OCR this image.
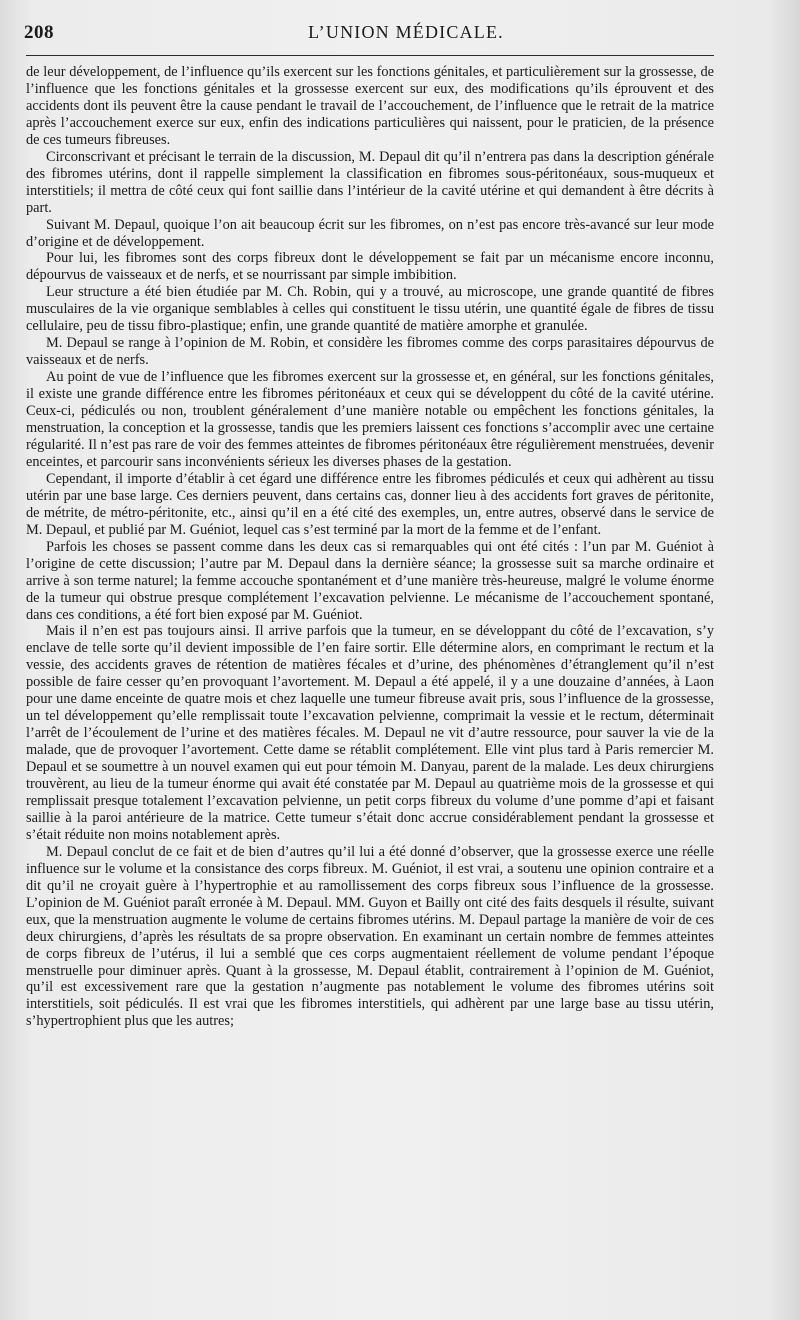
208	L’UNION MÉDICALE.

de leur développement, de l’influence qu’ils exercent sur les fonctions génitales, et particulièrement sur la grossesse, de l’influence que les fonctions génitales et la grossesse exercent sur eux, des modifications qu’ils éprouvent et des accidents dont ils peuvent être la cause pendant le travail de l’accouchement, de l’influence que le retrait de la matrice après l’accouchement exerce sur eux, enfin des indications particulières qui naissent, pour le praticien, de la présence de ces tumeurs fibreuses.

Circonscrivant et précisant le terrain de la discussion, M. Depaul dit qu’il n’entrera pas dans la description générale des fibromes utérins, dont il rappelle simplement la classification en fibromes sous-péritonéaux, sous-muqueux et interstitiels; il mettra de côté ceux qui font saillie dans l’intérieur de la cavité utérine et qui demandent à être décrits à part.

Suivant M. Depaul, quoique l’on ait beaucoup écrit sur les fibromes, on n’est pas encore très-avancé sur leur mode d’origine et de développement.

Pour lui, les fibromes sont des corps fibreux dont le développement se fait par un mécanisme encore inconnu, dépourvus de vaisseaux et de nerfs, et se nourrissant par simple imbibition.

Leur structure a été bien étudiée par M. Ch. Robin, qui y a trouvé, au microscope, une grande quantité de fibres musculaires de la vie organique semblables à celles qui constituent le tissu utérin, une quantité égale de fibres de tissu cellulaire, peu de tissu fibro-plastique; enfin, une grande quantité de matière amorphe et granulée.

M. Depaul se range à l’opinion de M. Robin, et considère les fibromes comme des corps parasitaires dépourvus de vaisseaux et de nerfs.

Au point de vue de l’influence que les fibromes exercent sur la grossesse et, en général, sur les fonctions génitales, il existe une grande différence entre les fibromes péritonéaux et ceux qui se développent du côté de la cavité utérine. Ceux-ci, pédiculés ou non, troublent généralement d’une manière notable ou empêchent les fonctions génitales, la menstruation, la conception et la grossesse, tandis que les premiers laissent ces fonctions s’accomplir avec une certaine régularité. Il n’est pas rare de voir des femmes atteintes de fibromes péritonéaux être régulièrement menstruées, devenir enceintes, et parcourir sans inconvénients sérieux les diverses phases de la gestation.

Cependant, il importe d’établir à cet égard une différence entre les fibromes pédiculés et ceux qui adhèrent au tissu utérin par une base large. Ces derniers peuvent, dans certains cas, donner lieu à des accidents fort graves de péritonite, de métrite, de métro-péritonite, etc., ainsi qu’il en a été cité des exemples, un, entre autres, observé dans le service de M. Depaul, et publié par M. Guéniot, lequel cas s’est terminé par la mort de la femme et de l’enfant.

Parfois les choses se passent comme dans les deux cas si remarquables qui ont été cités : l’un par M. Guéniot à l’origine de cette discussion; l’autre par M. Depaul dans la dernière séance; la grossesse suit sa marche ordinaire et arrive à son terme naturel; la femme accouche spontanément et d’une manière très-heureuse, malgré le volume énorme de la tumeur qui obstrue presque complétement l’excavation pelvienne. Le mécanisme de l’accouchement spontané, dans ces conditions, a été fort bien exposé par M. Guéniot.

Mais il n’en est pas toujours ainsi. Il arrive parfois que la tumeur, en se développant du côté de l’excavation, s’y enclave de telle sorte qu’il devient impossible de l’en faire sortir. Elle détermine alors, en comprimant le rectum et la vessie, des accidents graves de rétention de matières fécales et d’urine, des phénomènes d’étranglement qu’il n’est possible de faire cesser qu’en provoquant l’avortement. M. Depaul a été appelé, il y a une douzaine d’années, à Laon pour une dame enceinte de quatre mois et chez laquelle une tumeur fibreuse avait pris, sous l’influence de la grossesse, un tel développement qu’elle remplissait toute l’excavation pelvienne, comprimait la vessie et le rectum, déterminait l’arrêt de l’écoulement de l’urine et des matières fécales. M. Depaul ne vit d’autre ressource, pour sauver la vie de la malade, que de provoquer l’avortement. Cette dame se rétablit complétement. Elle vint plus tard à Paris remercier M. Depaul et se soumettre à un nouvel examen qui eut pour témoin M. Danyau, parent de la malade. Les deux chirurgiens trouvèrent, au lieu de la tumeur énorme qui avait été constatée par M. Depaul au quatrième mois de la grossesse et qui remplissait presque totalement l’excavation pelvienne, un petit corps fibreux du volume d’une pomme d’api et faisant saillie à la paroi antérieure de la matrice. Cette tumeur s’était donc accrue considérablement pendant la grossesse et s’était réduite non moins notablement après.

M. Depaul conclut de ce fait et de bien d’autres qu’il lui a été donné d’observer, que la grossesse exerce une réelle influence sur le volume et la consistance des corps fibreux. M. Guéniot, il est vrai, a soutenu une opinion contraire et a dit qu’il ne croyait guère à l’hypertrophie et au ramollissement des corps fibreux sous l’influence de la grossesse. L’opinion de M. Guéniot paraît erronée à M. Depaul. MM. Guyon et Bailly ont cité des faits desquels il résulte, suivant eux, que la menstruation augmente le volume de certains fibromes utérins. M. Depaul partage la manière de voir de ces deux chirurgiens, d’après les résultats de sa propre observation. En examinant un certain nombre de femmes atteintes de corps fibreux de l’utérus, il lui a semblé que ces corps augmentaient réellement de volume pendant l’époque menstruelle pour diminuer après. Quant à la grossesse, M. Depaul établit, contrairement à l’opinion de M. Guéniot, qu’il est excessivement rare que la gestation n’augmente pas notablement le volume des fibromes utérins soit interstitiels, soit pédiculés. Il est vrai que les fibromes interstitiels, qui adhèrent par une large base au tissu utérin, s’hypertrophient plus que les autres;
